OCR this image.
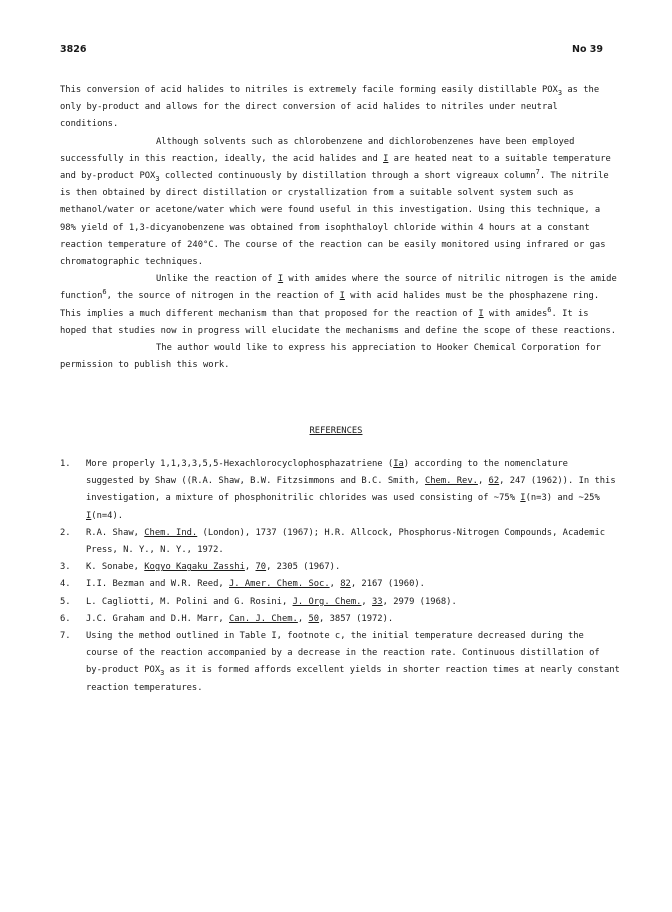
3826	No 39

This conversion of acid halides to nitriles is extremely facile forming easily distillable $POX_3$ as the only by-product and allows for the direct conversion of acid halides to nitriles under neutral conditions.

Although solvents such as chlorobenzene and dichlorobenzenes have been employed successfully in this reaction, ideally, the acid halides and I are heated neat to a suitable temperature and by-product $POX_3$ collected continuously by distillation through a short vigreaux column$^7$. The nitrile is then obtained by direct distillation or crystallization from a suitable solvent system such as methanol/water or acetone/water which were found useful in this investigation. Using this technique, a 98% yield of 1,3-dicyanobenzene was obtained from isophthaloyl chloride within 4 hours at a constant reaction temperature of 240°C. The course of the reaction can be easily monitored using infrared or gas chromatographic techniques.

Unlike the reaction of I with amides where the source of nitrilic nitrogen is the amide function$^6$, the source of nitrogen in the reaction of I with acid halides must be the phosphazene ring. This implies a much different mechanism than that proposed for the reaction of I with amides$^6$. It is hoped that studies now in progress will elucidate the mechanisms and define the scope of these reactions.

The author would like to express his appreciation to Hooker Chemical Corporation for permission to publish this work.

REFERENCES
1.	More properly 1,1,3,3,5,5-Hexachlorocyclophosphazatriene (Ia) according to the nomenclature suggested by Shaw ((R.A. Shaw, B.W. Fitzsimmons and B.C. Smith, Chem. Rev., 62, 247 (1962)). In this investigation, a mixture of phosphonitrilic chlorides was used consisting of ~75% I(n=3) and ~25% I(n=4).
2.	R.A. Shaw, Chem. Ind. (London), 1737 (1967); H.R. Allcock, Phosphorus-Nitrogen Compounds, Academic Press, N. Y., N. Y., 1972.
3.	K. Sonabe, Kogyo Kagaku Zasshi, 70, 2305 (1967).
4.	I.I. Bezman and W.R. Reed, J. Amer. Chem. Soc., 82, 2167 (1960).
5.	L. Cagliotti, M. Polini and G. Rosini, J. Org. Chem., 33, 2979 (1968).
6.	J.C. Graham and D.H. Marr, Can. J. Chem., 50, 3857 (1972).
7.	Using the method outlined in Table I, footnote c, the initial temperature decreased during the course of the reaction accompanied by a decrease in the reaction rate. Continuous distillation of by-product $POX_3$ as it is formed affords excellent yields in shorter reaction times at nearly constant reaction temperatures.
